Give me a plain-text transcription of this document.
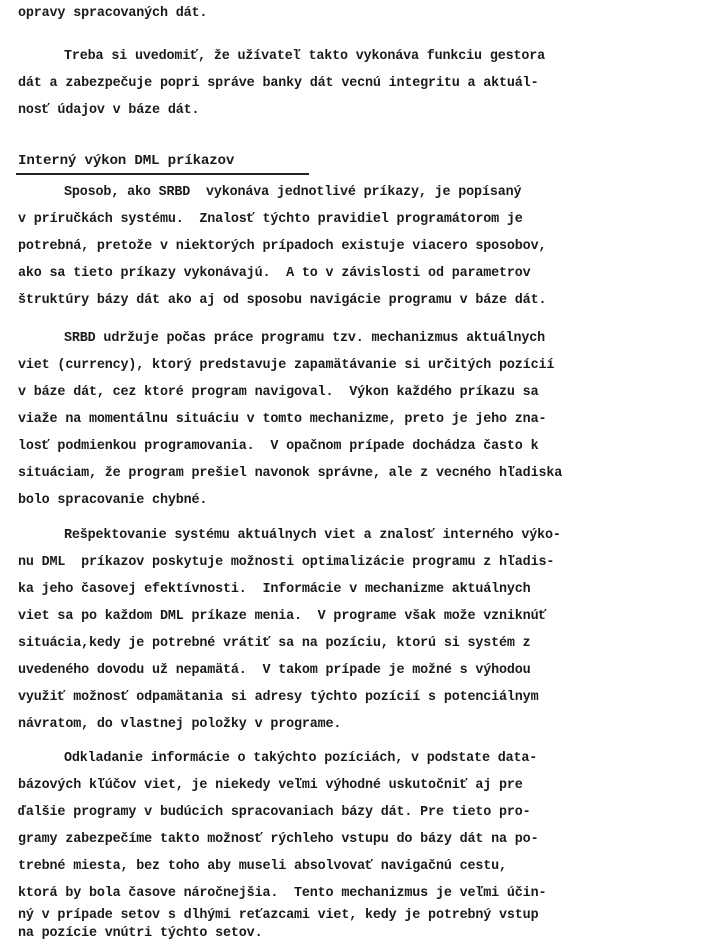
opravy spracovaných dát.
Treba si uvedomiť, že užívateľ takto vykonáva funkciu gestora
dát a zabezpečuje popri správe banky dát vecnú integritu a aktuál-
nosť údajov v báze dát.
Interný výkon DML príkazov
Sposob, ako SRBD  vykonáva jednotlivé príkazy, je popísaný
v príručkách systému.  Znalosť týchto pravidiel programátorom je
potrebná, pretože v niektorých prípadoch existuje viacero sposobov,
ako sa tieto príkazy vykonávajú.  A to v závislosti od parametrov
štruktúry bázy dát ako aj od sposobu navigácie programu v báze dát.
SRBD udržuje počas práce programu tzv. mechanizmus aktuálnych
viet (currency), ktorý predstavuje zapamätávanie si určitých pozícií
v báze dát, cez ktoré program navigoval.  Výkon každého príkazu sa
viaže na momentálnu situáciu v tomto mechanizme, preto je jeho zna-
losť podmienkou programovania.  V opačnom prípade dochádza často k
situáciam, že program prešiel navonok správne, ale z vecného hľadiska
bolo spracovanie chybné.
Rešpektovanie systému aktuálnych viet a znalosť interného výko-
nu DML  príkazov poskytuje možnosti optimalizácie programu z hľadis-
ka jeho časovej efektívnosti.  Informácie v mechanizme aktuálnych
viet sa po každom DML príkaze menia.  V programe však može vzniknúť
situácia,kedy je potrebné vrátiť sa na pozíciu, ktorú si systém z
uvedeného dovodu už nepamätá.  V takom prípade je možné s výhodou
využiť možnosť odpamätania si adresy týchto pozícií s potenciálnym
návratom, do vlastnej položky v programe.
Odkladanie informácie o takýchto pozíciách, v podstate data-
bázových kľúčov viet, je niekedy veľmi výhodné uskutočniť aj pre
ďalšie programy v budúcich spracovaniach bázy dát. Pre tieto pro-
gramy zabezpečíme takto možnosť rýchleho vstupu do bázy dát na po-
trebné miesta, bez toho aby museli absolvovať navigačnú cestu,
ktorá by bola časove náročnejšia.  Tento mechanizmus je veľmi účin-
ný v prípade setov s dlhými reťazcami viet, kedy je potrebný vstup
na pozície vnútri týchto setov.
